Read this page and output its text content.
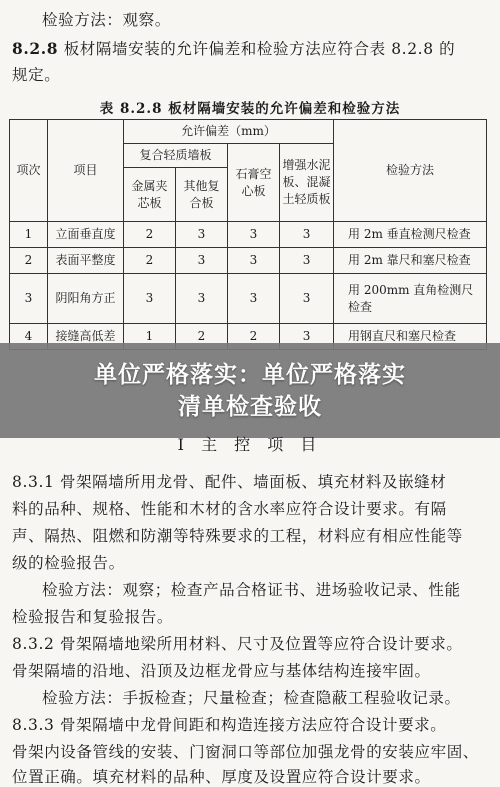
检验方法：观察。
8.2.8 板材隔墙安装的允许偏差和检验方法应符合表 8.2.8 的
规定。
表 8.2.8 板材隔墙安装的允许偏差和检验方法
项次	项目	允许偏差（mm）				检验方法
		复合轻质墙板		石膏空心板	增强水泥板、混凝土轻质板	
		金属夹芯板	其他复合板			
1	立面垂直度	2	3	3	3	用 2m 垂直检测尺检查
2	表面平整度	2	3	3	3	用 2m 靠尺和塞尺检查
3	阴阳角方正	3	3	3	3	用 200mm 直角检测尺检查
4	接缝高低差	1	2	2	3	用钢直尺和塞尺检查
单位严格落实：单位严格落实
清单检查验收
I 主 控 项 目
8.3.1 骨架隔墙所用龙骨、配件、墙面板、填充材料及嵌缝材
料的品种、规格、性能和木材的含水率应符合设计要求。有隔
声、隔热、阻燃和防潮等特殊要求的工程，材料应有相应性能等
级的检验报告。
检验方法：观察；检查产品合格证书、进场验收记录、性能
检验报告和复验报告。
8.3.2 骨架隔墙地梁所用材料、尺寸及位置等应符合设计要求。
骨架隔墙的沿地、沿顶及边框龙骨应与基体结构连接牢固。
检验方法：手扳检查；尺量检查；检查隐蔽工程验收记录。
8.3.3 骨架隔墙中龙骨间距和构造连接方法应符合设计要求。
骨架内设备管线的安装、门窗洞口等部位加强龙骨的安装应牢固、
位置正确。填充材料的品种、厚度及设置应符合设计要求。
